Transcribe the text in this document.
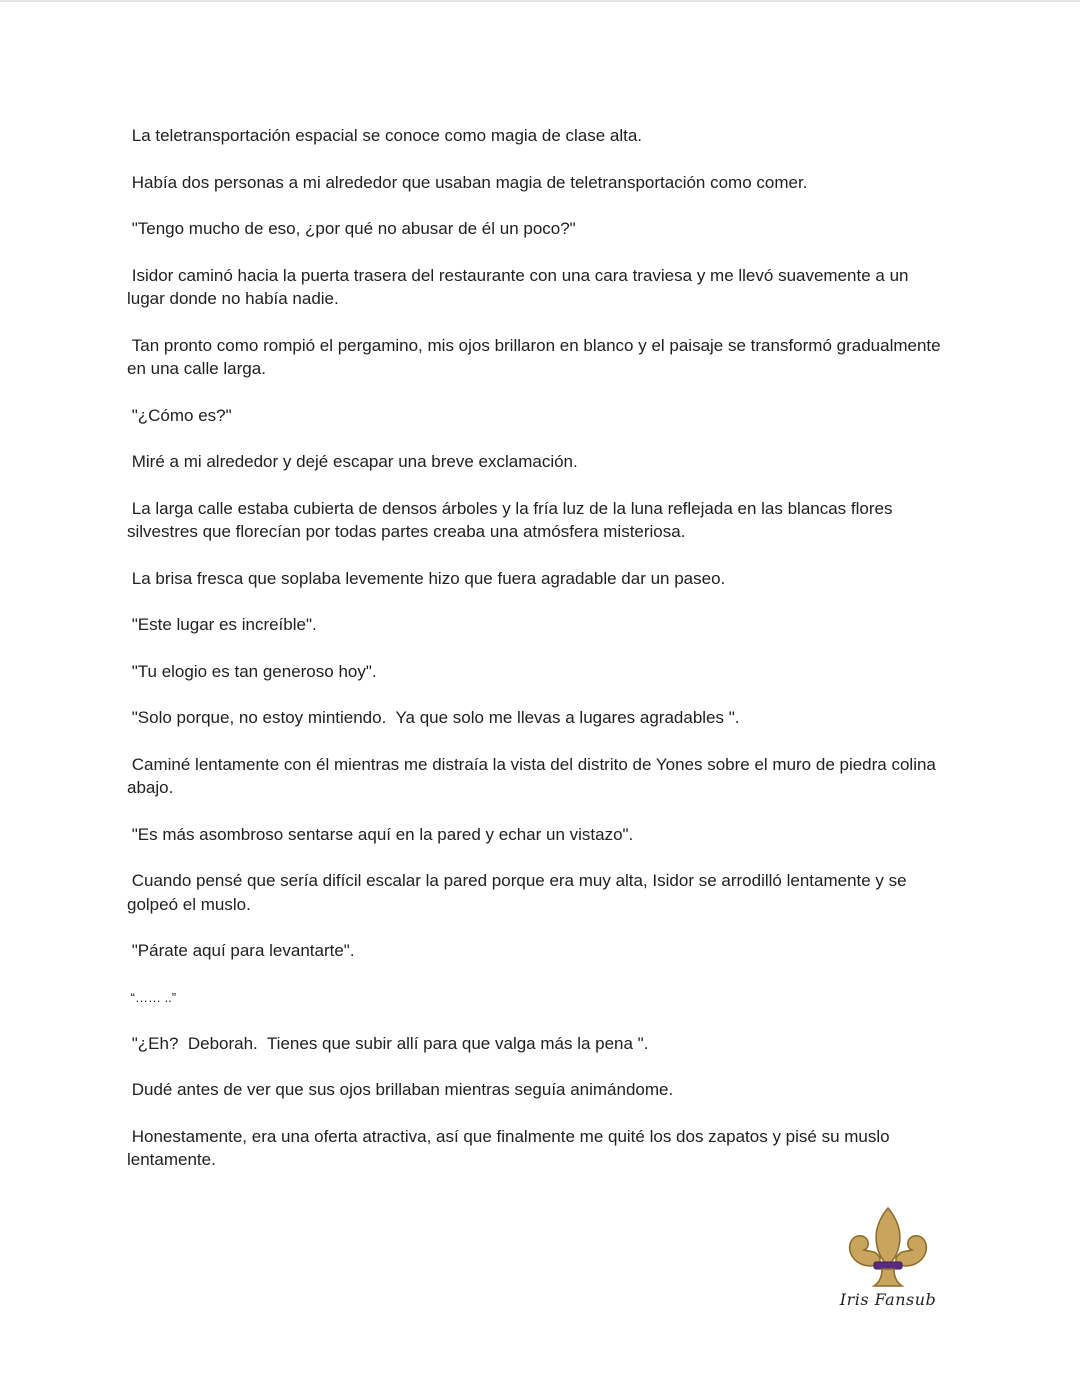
La teletransportación espacial se conoce como magia de clase alta.

Había dos personas a mi alrededor que usaban magia de teletransportación como comer.

"Tengo mucho de eso, ¿por qué no abusar de él un poco?"

Isidor caminó hacia la puerta trasera del restaurante con una cara traviesa y me llevó suavemente a un lugar donde no había nadie.

Tan pronto como rompió el pergamino, mis ojos brillaron en blanco y el paisaje se transformó gradualmente en una calle larga.

"¿Cómo es?"

Miré a mi alrededor y dejé escapar una breve exclamación.

La larga calle estaba cubierta de densos árboles y la fría luz de la luna reflejada en las blancas flores silvestres que florecían por todas partes creaba una atmósfera misteriosa.

La brisa fresca que soplaba levemente hizo que fuera agradable dar un paseo.

"Este lugar es increíble".

"Tu elogio es tan generoso hoy".

"Solo porque, no estoy mintiendo.  Ya que solo me llevas a lugares agradables ".

Caminé lentamente con él mientras me distraía la vista del distrito de Yones sobre el muro de piedra colina abajo.

"Es más asombroso sentarse aquí en la pared y echar un vistazo".

Cuando pensé que sería difícil escalar la pared porque era muy alta, Isidor se arrodilló lentamente y se golpeó el muslo.

"Párate aquí para levantarte".

“…… ..”

"¿Eh?  Deborah.  Tienes que subir allí para que valga más la pena ".

Dudé antes de ver que sus ojos brillaban mientras seguía animándome.

Honestamente, era una oferta atractiva, así que finalmente me quité los dos zapatos y pisé su muslo lentamente.

Iris Fansub
